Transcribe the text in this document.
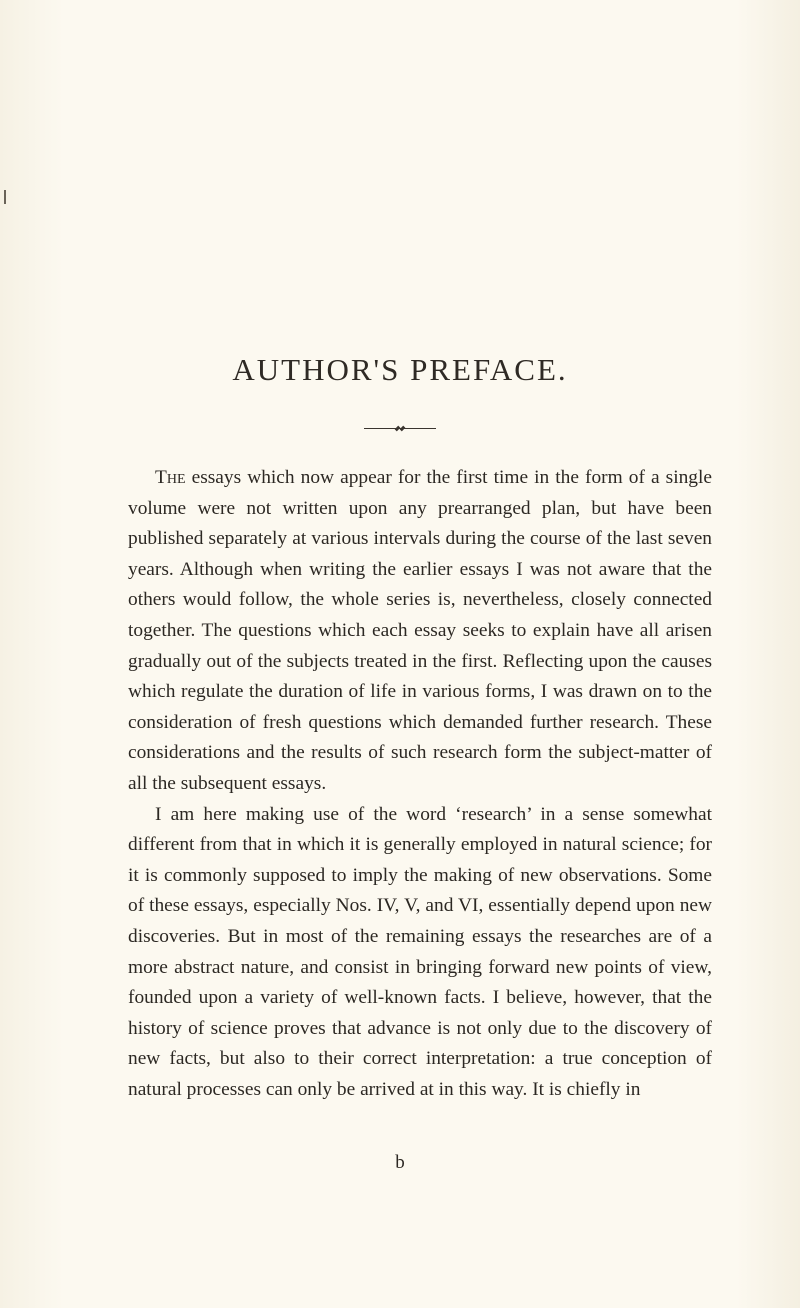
AUTHOR'S PREFACE.

The essays which now appear for the first time in the form of a single volume were not written upon any prearranged plan, but have been published separately at various intervals during the course of the last seven years. Although when writing the earlier essays I was not aware that the others would follow, the whole series is, nevertheless, closely connected together. The questions which each essay seeks to explain have all arisen gradually out of the subjects treated in the first. Reflecting upon the causes which regulate the duration of life in various forms, I was drawn on to the consideration of fresh questions which demanded further research. These considerations and the results of such research form the subject-matter of all the subsequent essays.

I am here making use of the word ‘research’ in a sense somewhat different from that in which it is generally employed in natural science; for it is commonly supposed to imply the making of new observations. Some of these essays, especially Nos. IV, V, and VI, essentially depend upon new discoveries. But in most of the remaining essays the researches are of a more abstract nature, and consist in bringing forward new points of view, founded upon a variety of well-known facts. I believe, however, that the history of science proves that advance is not only due to the discovery of new facts, but also to their correct interpretation: a true conception of natural processes can only be arrived at in this way. It is chiefly in

b
